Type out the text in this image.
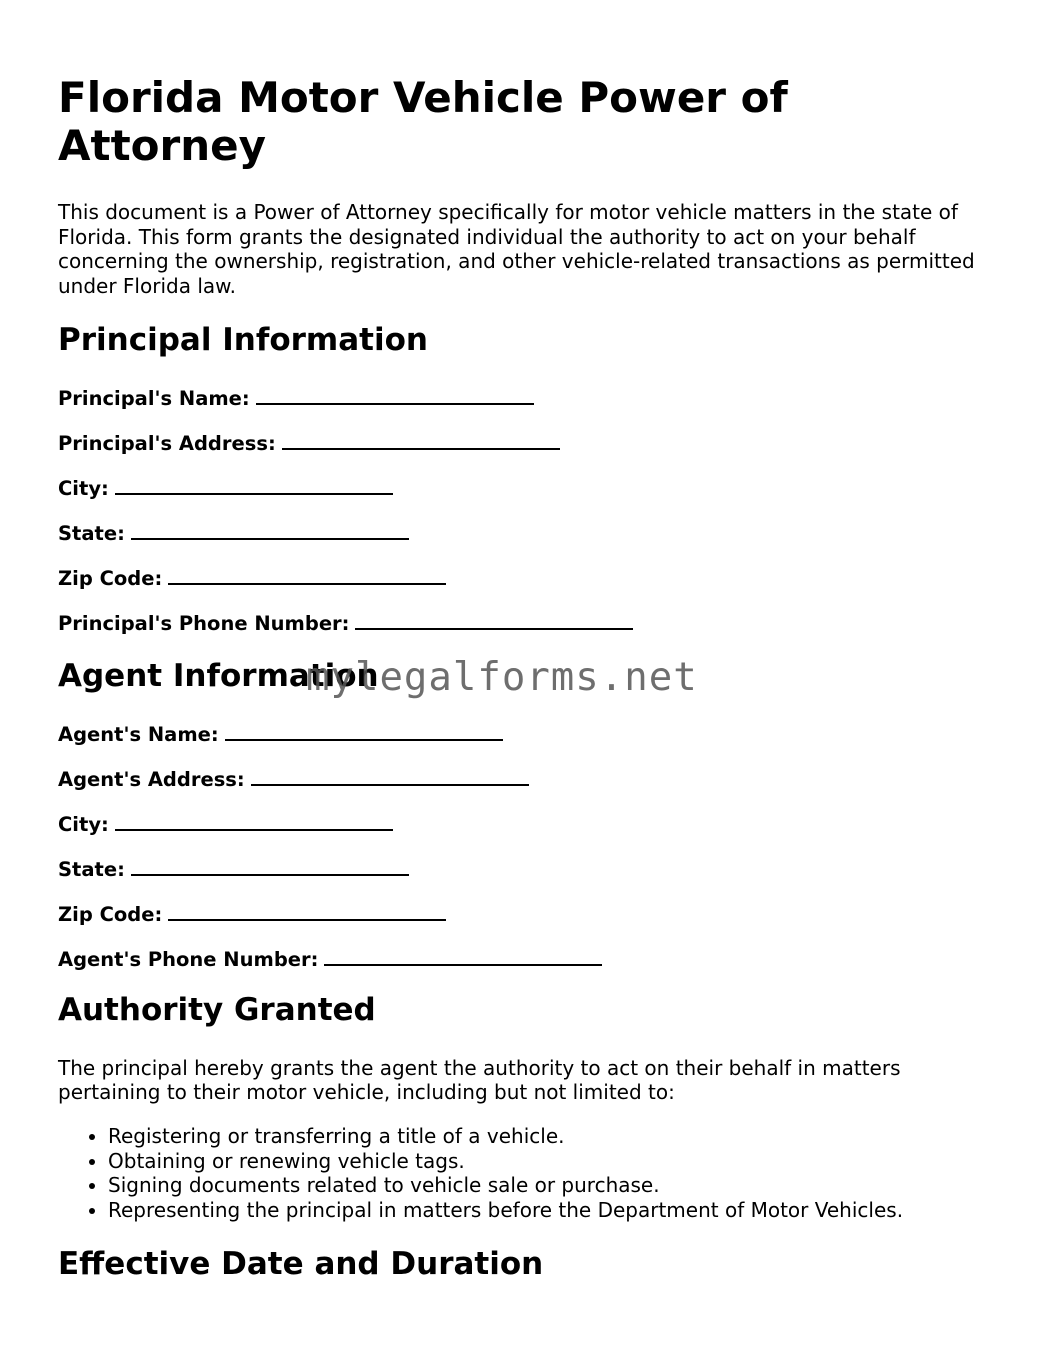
Florida Motor Vehicle Power of Attorney

This document is a Power of Attorney specifically for motor vehicle matters in the state of Florida. This form grants the designated individual the authority to act on your behalf concerning the ownership, registration, and other vehicle-related transactions as permitted under Florida law.

Principal Information

Principal's Name:

Principal's Address:

City:

State:

Zip Code:

Principal's Phone Number:

Agent Information

Agent's Name:

Agent's Address:

City:

State:

Zip Code:

Agent's Phone Number:

Authority Granted

The principal hereby grants the agent the authority to act on their behalf in matters pertaining to their motor vehicle, including but not limited to:

• Registering or transferring a title of a vehicle.
• Obtaining or renewing vehicle tags.
• Signing documents related to vehicle sale or purchase.
• Representing the principal in matters before the Department of Motor Vehicles.
Effective Date and Duration
mylegalforms.net
